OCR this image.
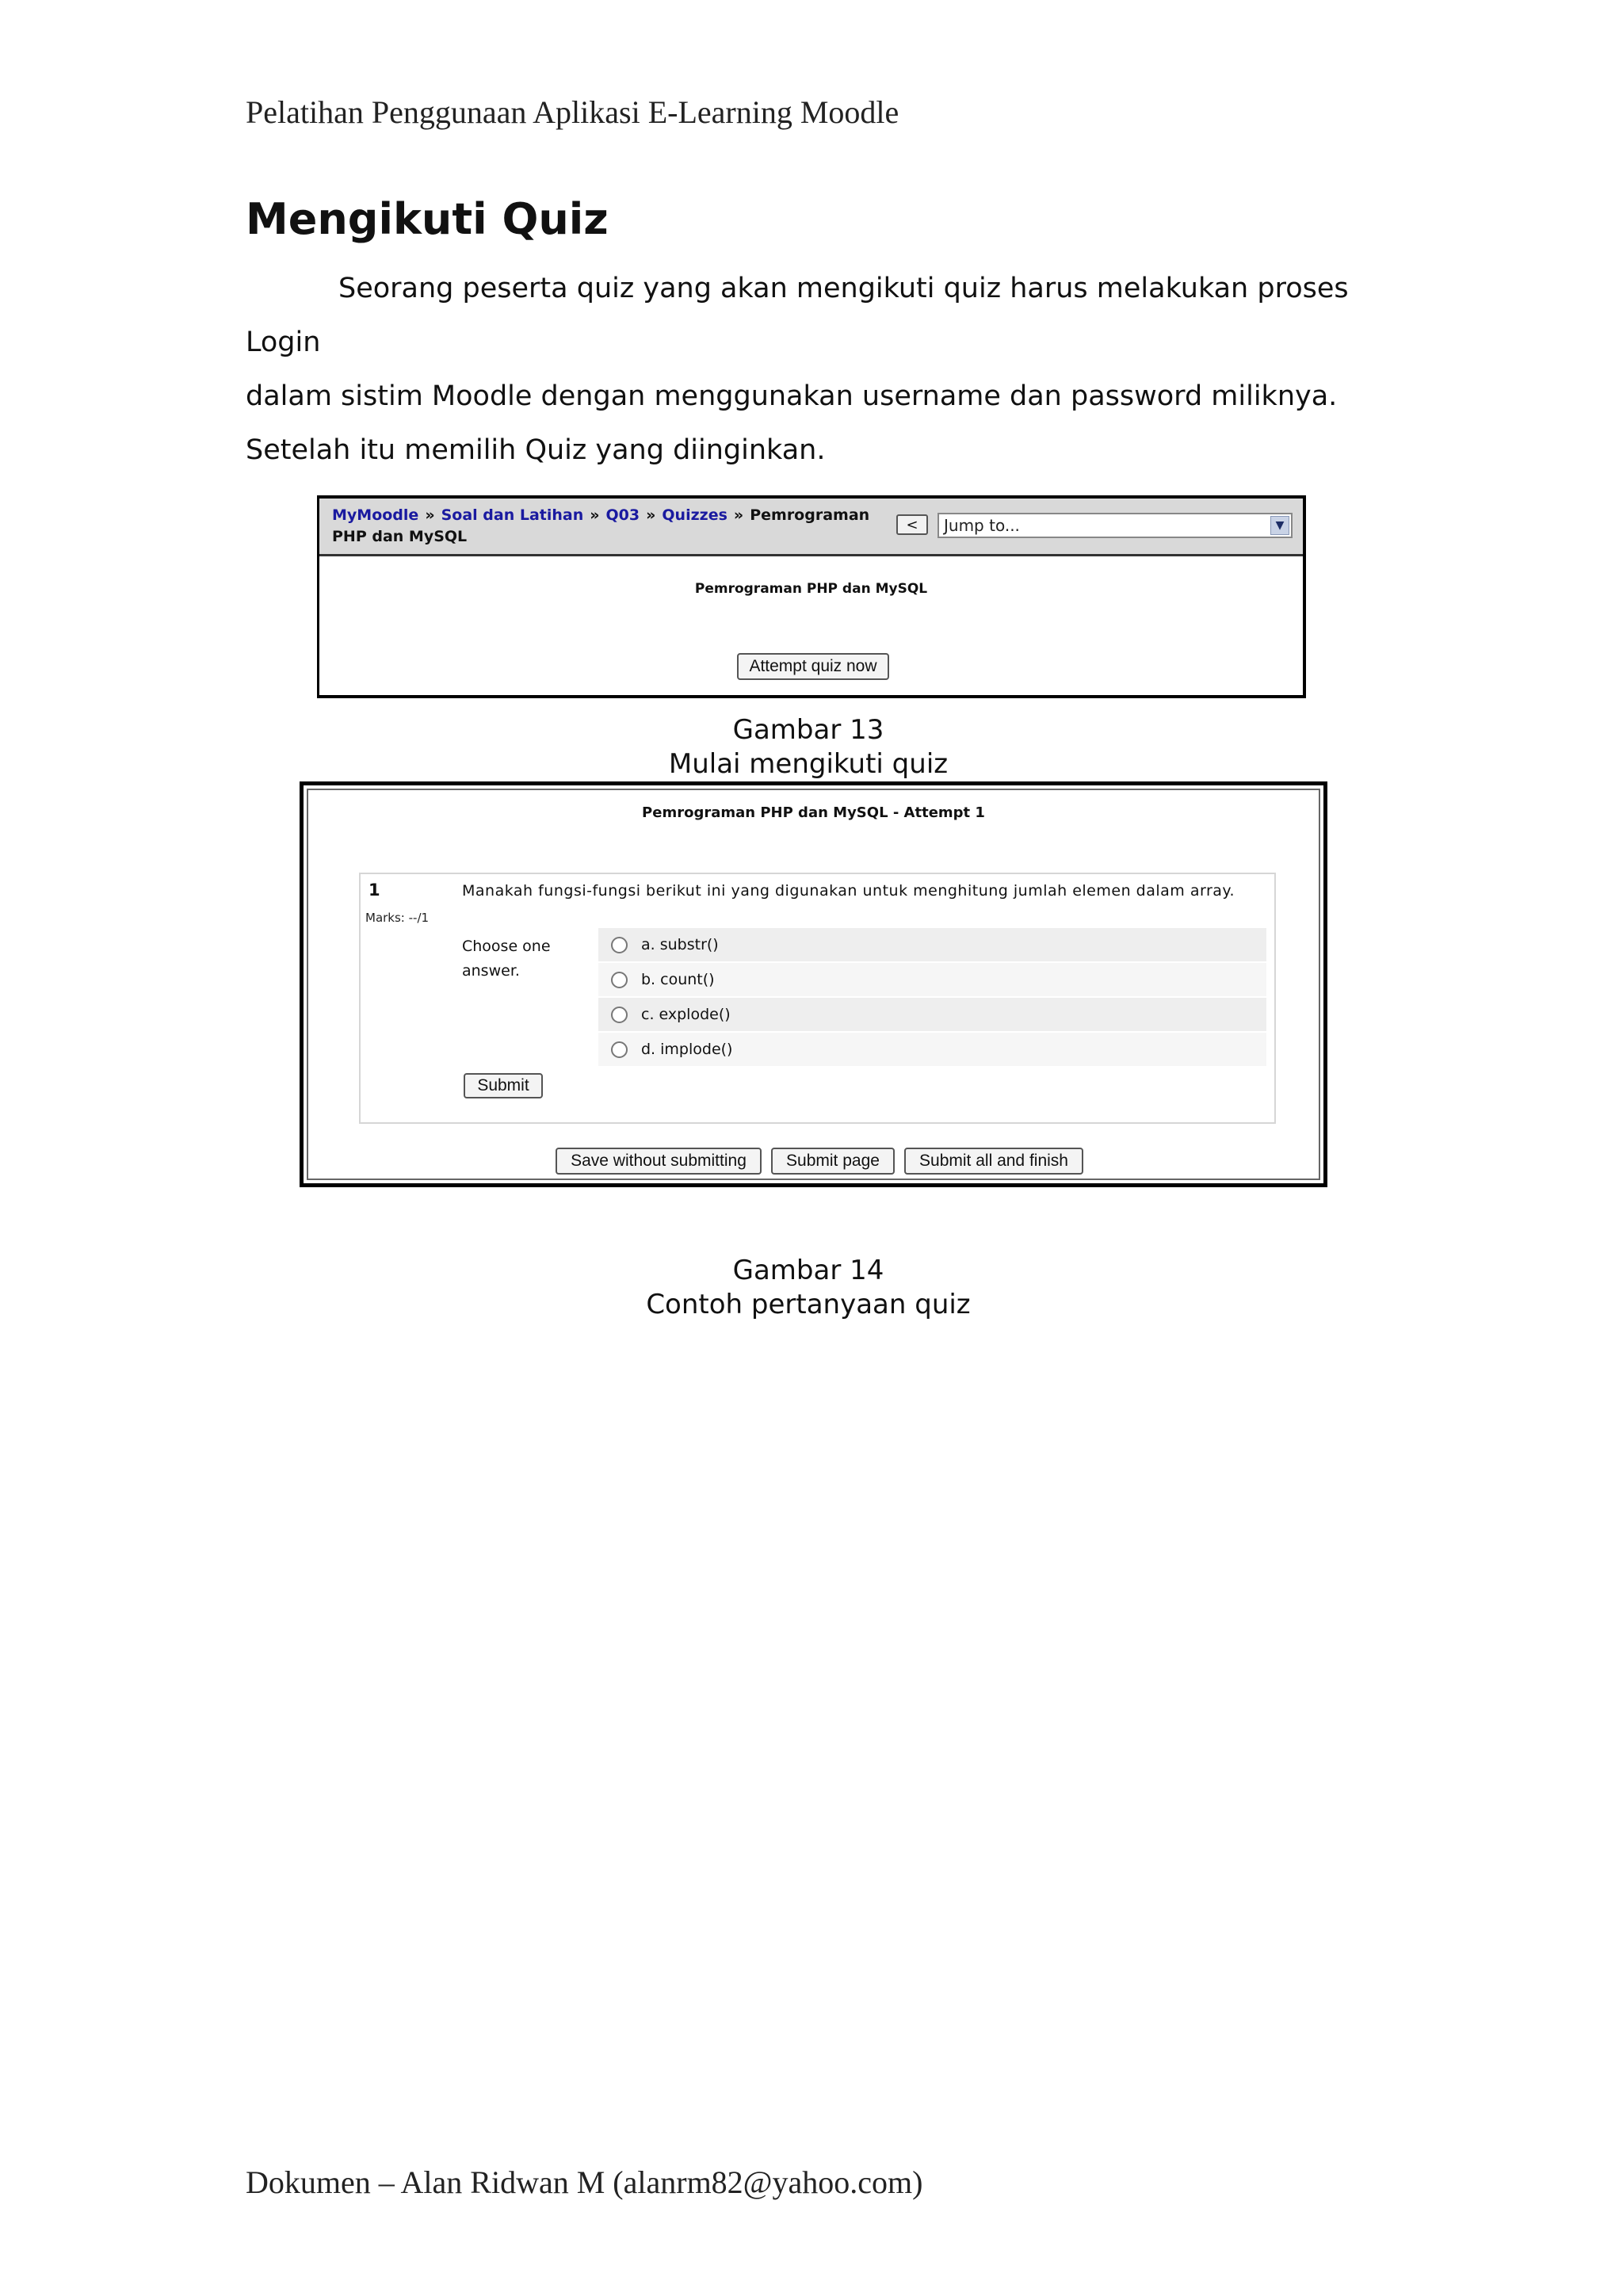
Pelatihan Penggunaan Aplikasi E-Learning Moodle
Mengikuti Quiz
Seorang peserta quiz yang akan mengikuti quiz harus melakukan proses Login
dalam sistim Moodle dengan menggunakan username dan password miliknya.
Setelah itu memilih Quiz yang diinginkan.
MyMoodle » Soal dan Latihan » Q03 » Quizzes » Pemrograman PHP dan MySQL
<	Jump to...	▼
Pemrograman PHP dan MySQL
Attempt quiz now
Gambar 13
Mulai mengikuti quiz
Pemrograman PHP dan MySQL - Attempt 1
1
Marks: --/1
Manakah fungsi-fungsi berikut ini yang digunakan untuk menghitung jumlah elemen dalam array.
Choose one answer.
a. substr()
b. count()
c. explode()
d. implode()
Submit
Save without submitting	Submit page	Submit all and finish
Gambar 14
Contoh pertanyaan quiz
Dokumen – Alan Ridwan M (alanrm82@yahoo.com)
